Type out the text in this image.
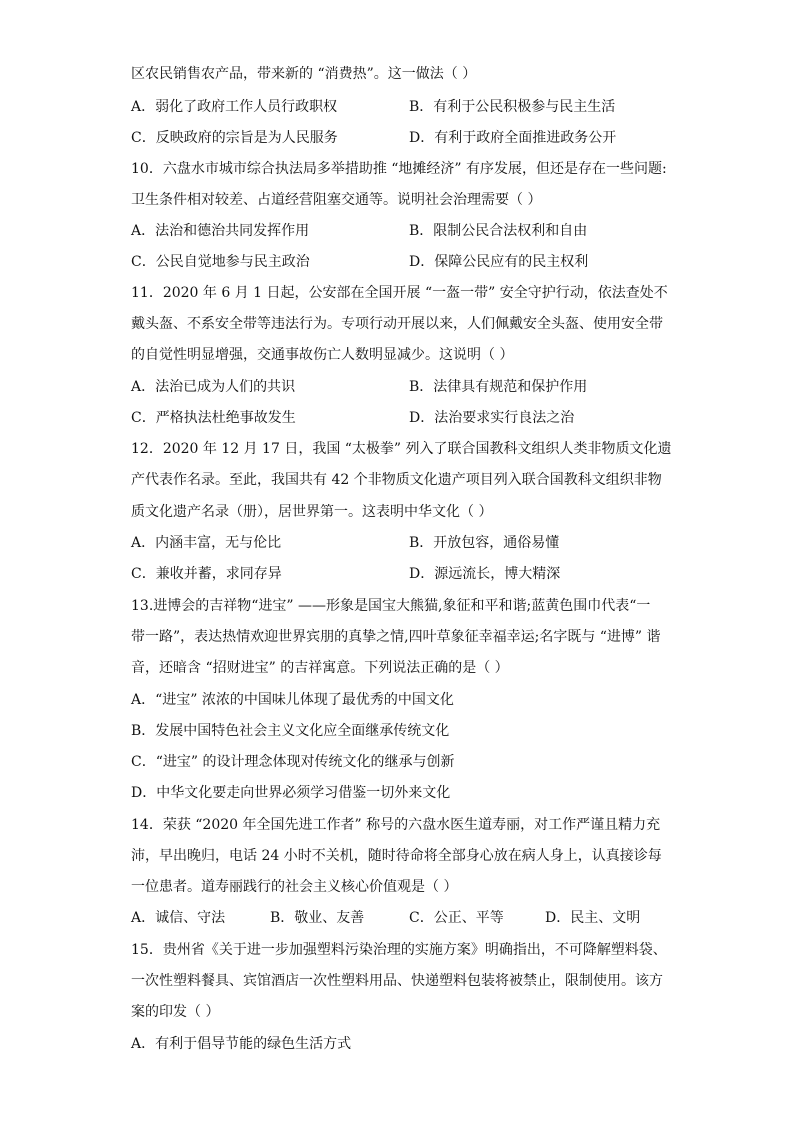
区农民销售农产品，带来新的 “消费热”。这一做法（ ）
A．弱化了政府工作人员行政职权	B．有利于公民积极参与民主生活
C．反映政府的宗旨是为人民服务	D．有利于政府全面推进政务公开
10．六盘水市城市综合执法局多举措助推 “地摊经济” 有序发展，但还是存在一些问题:
卫生条件相对较差、占道经营阻塞交通等。说明社会治理需要（ ）
A．法治和德治共同发挥作用	B．限制公民合法权利和自由
C．公民自觉地参与民主政治	D．保障公民应有的民主权利
11．2020 年 6 月 1 日起，公安部在全国开展 “一盔一带” 安全守护行动，依法查处不
戴头盔、不系安全带等违法行为。专项行动开展以来，人们佩戴安全头盔、使用安全带
的自觉性明显增强，交通事故伤亡人数明显减少。这说明（ ）
A．法治已成为人们的共识	B．法律具有规范和保护作用
C．严格执法杜绝事故发生	D．法治要求实行良法之治
12．2020 年 12 月 17 日，我国 “太极拳” 列入了联合国教科文组织人类非物质文化遗
产代表作名录。至此，我国共有 42 个非物质文化遗产项目列入联合国教科文组织非物
质文化遗产名录（册），居世界第一。这表明中华文化（ ）
A．内涵丰富，无与伦比	B．开放包容，通俗易懂
C．兼收并蓄，求同存异	D．源远流长，博大精深
13.进博会的吉祥物“进宝” ——形象是国宝大熊猫,象征和平和谐;蓝黄色围巾代表“一
带一路”，表达热情欢迎世界宾朋的真挚之情,四叶草象征幸福幸运;名字既与 “进博” 谐
音，还暗含 “招财进宝” 的吉祥寓意。下列说法正确的是（ ）
A．“进宝” 浓浓的中国味儿体现了最优秀的中国文化
B．发展中国特色社会主义文化应全面继承传统文化
C．“进宝” 的设计理念体现对传统文化的继承与创新
D．中华文化要走向世界必须学习借鉴一切外来文化
14．荣获 “2020 年全国先进工作者” 称号的六盘水医生道寿丽，对工作严谨且精力充
沛，早出晚归，电话 24 小时不关机，随时待命将全部身心放在病人身上，认真接诊每
一位患者。道寿丽践行的社会主义核心价值观是（ ）
A．诚信、守法	B．敬业、友善	C．公正、平等	D．民主、文明
15．贵州省《关于进一步加强塑料污染治理的实施方案》明确指出，不可降解塑料袋、
一次性塑料餐具、宾馆酒店一次性塑料用品、快递塑料包装将被禁止，限制使用。该方
案的印发（ ）
A．有利于倡导节能的绿色生活方式
